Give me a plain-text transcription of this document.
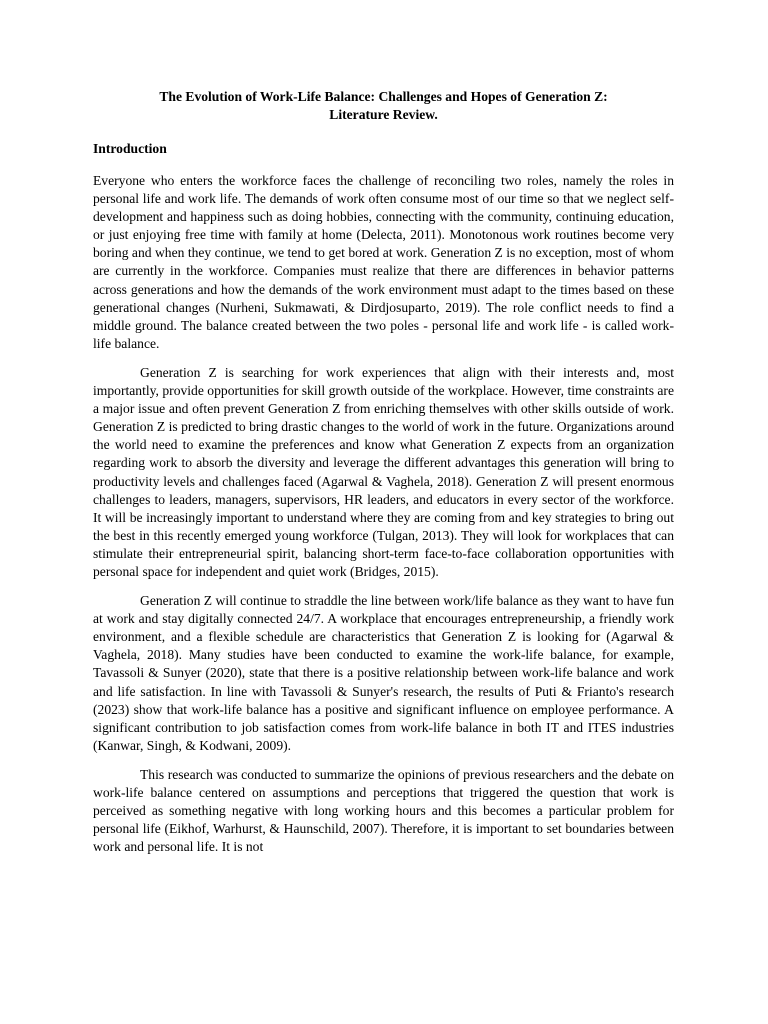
The Evolution of Work-Life Balance: Challenges and Hopes of Generation Z:
Literature Review.
Introduction

Everyone who enters the workforce faces the challenge of reconciling two roles, namely the roles in personal life and work life. The demands of work often consume most of our time so that we neglect self-development and happiness such as doing hobbies, connecting with the community, continuing education, or just enjoying free time with family at home (Delecta, 2011). Monotonous work routines become very boring and when they continue, we tend to get bored at work. Generation Z is no exception, most of whom are currently in the workforce. Companies must realize that there are differences in behavior patterns across generations and how the demands of the work environment must adapt to the times based on these generational changes (Nurheni, Sukmawati, & Dirdjosuparto, 2019). The role conflict needs to find a middle ground. The balance created between the two poles - personal life and work life - is called work-life balance.

Generation Z is searching for work experiences that align with their interests and, most importantly, provide opportunities for skill growth outside of the workplace. However, time constraints are a major issue and often prevent Generation Z from enriching themselves with other skills outside of work. Generation Z is predicted to bring drastic changes to the world of work in the future. Organizations around the world need to examine the preferences and know what Generation Z expects from an organization regarding work to absorb the diversity and leverage the different advantages this generation will bring to productivity levels and challenges faced (Agarwal & Vaghela, 2018). Generation Z will present enormous challenges to leaders, managers, supervisors, HR leaders, and educators in every sector of the workforce. It will be increasingly important to understand where they are coming from and key strategies to bring out the best in this recently emerged young workforce (Tulgan, 2013). They will look for workplaces that can stimulate their entrepreneurial spirit, balancing short-term face-to-face collaboration opportunities with personal space for independent and quiet work (Bridges, 2015).

Generation Z will continue to straddle the line between work/life balance as they want to have fun at work and stay digitally connected 24/7. A workplace that encourages entrepreneurship, a friendly work environment, and a flexible schedule are characteristics that Generation Z is looking for (Agarwal & Vaghela, 2018). Many studies have been conducted to examine the work-life balance, for example, Tavassoli & Sunyer (2020), state that there is a positive relationship between work-life balance and work and life satisfaction. In line with Tavassoli & Sunyer's research, the results of Puti & Frianto's research (2023) show that work-life balance has a positive and significant influence on employee performance. A significant contribution to job satisfaction comes from work-life balance in both IT and ITES industries (Kanwar, Singh, & Kodwani, 2009).

This research was conducted to summarize the opinions of previous researchers and the debate on work-life balance centered on assumptions and perceptions that triggered the question that work is perceived as something negative with long working hours and this becomes a particular problem for personal life (Eikhof, Warhurst, & Haunschild, 2007). Therefore, it is important to set boundaries between work and personal life. It is not
